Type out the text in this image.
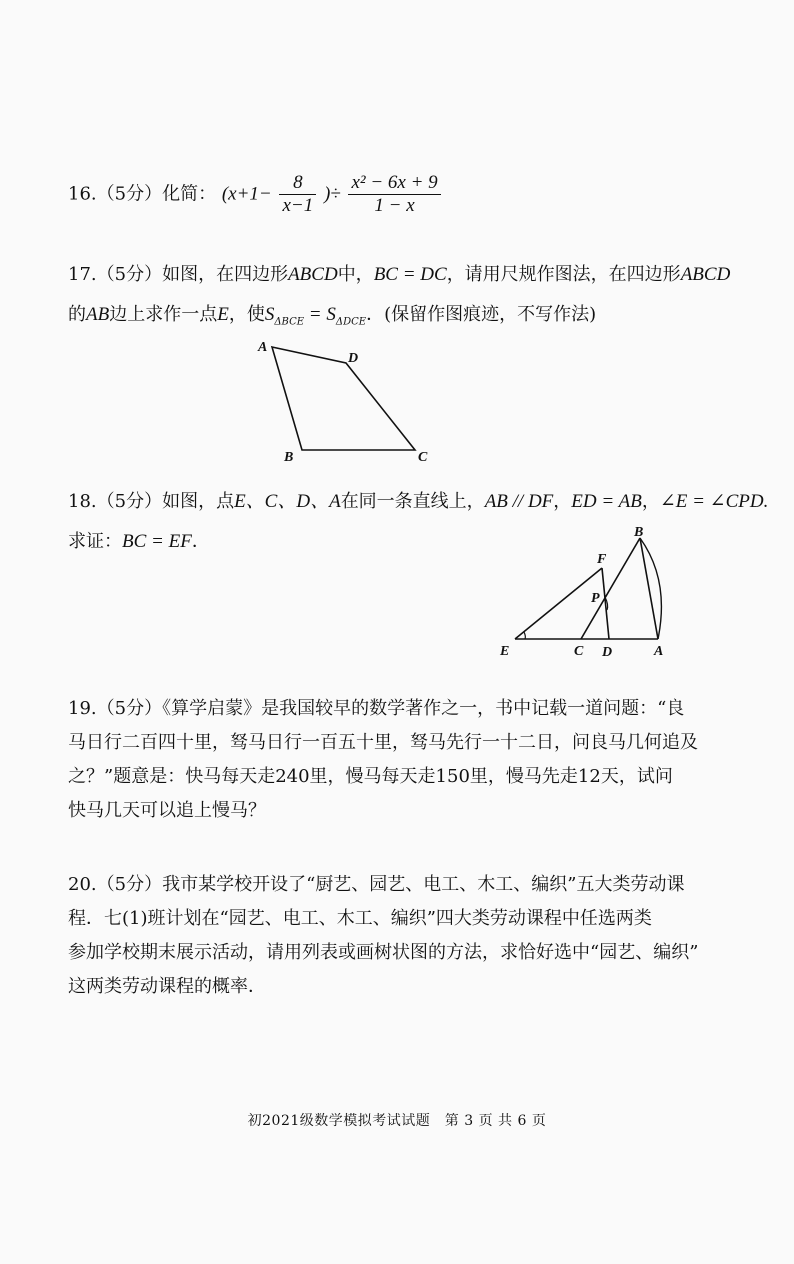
16.（5分）化简： ($x+1- \frac{8}{x-1}$ )÷ $\frac{\text{x² − 6x + 9}}{1 - x}$
17.（5分）如图，在四边形ABCD中，BC = DC，请用尺规作图法，在四边形ABCD
的AB边上求作一点E，使$S_{\Delta BCE} = S_{\Delta DCE}$．(保留作图痕迹，不写作法)
A
D
B	C
18.（5分）如图，点E、C、D、A在同一条直线上，AB // DF，ED = AB，∠E = ∠CPD.
求证：BC = EF．	B
F
P
E	C D	A
19.（5分）《算学启蒙》是我国较早的数学著作之一，书中记载一道问题：“良
马日行二百四十里，驽马日行一百五十里，驽马先行一十二日，问良马几何追及
之？”题意是：快马每天走240里，慢马每天走150里，慢马先走12天，试问
快马几天可以追上慢马？
20.（5分）我市某学校开设了“厨艺、园艺、电工、木工、编织”五大类劳动课
程．七(1)班计划在“园艺、电工、木工、编织”四大类劳动课程中任选两类
参加学校期末展示活动，请用列表或画树状图的方法，求恰好选中“园艺、编织”
这两类劳动课程的概率．
初2021级数学模拟考试试题　第 3 页 共 6 页
